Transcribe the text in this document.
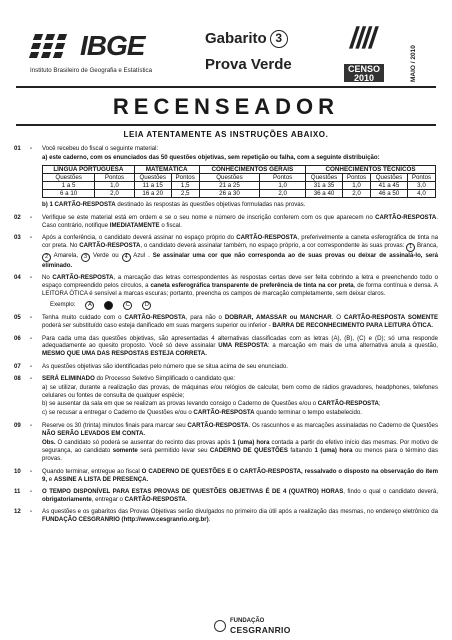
IBGE
Instituto Brasileiro de Geografia e Estatística
Gabarito 3
Prova Verde
////
CENSO
2010	MAIO / 2010
RECENSEADOR
LEIA ATENTAMENTE AS INSTRUÇÕES ABAIXO.
01	-	Você recebeu do fiscal o seguinte material:

a) este caderno, com os enunciados das 50 questões objetivas, sem repetição ou falha, com a seguinte distribuição:

LÍNGUA PORTUGUESA		MATEMÁTICA		CONHECIMENTOS GERAIS		CONHECIMENTOS TÉCNICOS			
Questões	Pontos	Questões	Pontos	Questões	Pontos	Questões	Pontos	Questões	Pontos
1 a 5	1,0	11 a 15	1,5	21 a 25	1,0	31 a 35	1,0	41 a 45	3,0
6 a 10	2,0	16 a 20	2,5	26 a 30	2,0	36 a 40	2,0	46 a 50	4,0

b) 1 CARTÃO-RESPOSTA destinado às respostas às questões objetivas formuladas nas provas.

02	-	Verifique se este material está em ordem e se o seu nome e número de inscrição conferem com os que aparecem no CARTÃO-RESPOSTA. Caso contrário, notifique IMEDIATAMENTE o fiscal.
03	-	Após a conferência, o candidato deverá assinar no espaço próprio do CARTÃO-RESPOSTA, preferivelmente a caneta esferográfica de tinta na cor preta. No CARTÃO-RESPOSTA, o candidato deverá assinalar também, no espaço próprio, a cor correspondente às suas provas: 1 Branca, 2 Amarela, 3 Verde ou 4 Azul . Se assinalar uma cor que não corresponda ao de suas provas ou deixar de assinalá-lo, será eliminado.
04	-	No CARTÃO-RESPOSTA, a marcação das letras correspondentes às respostas certas deve ser feita cobrindo a letra e preenchendo todo o espaço compreendido pelos círculos, a caneta esferográfica transparente de preferência de tinta na cor preta, de forma contínua e densa. A LEITORA ÓTICA é sensível a marcas escuras; portanto, preencha os campos de marcação completamente, sem deixar claros.
Exemplo:	A	C	D
05	-	Tenha muito cuidado com o CARTÃO-RESPOSTA, para não o DOBRAR, AMASSAR ou MANCHAR. O CARTÃO-RESPOSTA SOMENTE poderá ser substituído caso esteja danificado em suas margens superior ou inferior - BARRA DE RECONHECIMENTO PARA LEITURA ÓTICA.
06	-	Para cada uma das questões objetivas, são apresentadas 4 alternativas classificadas com as letras (A), (B), (C) e (D); só uma responde adequadamente ao quesito proposto. Você só deve assinalar UMA RESPOSTA: a marcação em mais de uma alternativa anula a questão, MESMO QUE UMA DAS RESPOSTAS ESTEJA CORRETA.
07	-	As questões objetivas são identificadas pelo número que se situa acima de seu enunciado.
08	-	SERÁ ELIMINADO do Processo Seletivo Simplificado o candidato que:

a) se utilizar, durante a realização das provas, de máquinas e/ou relógios de calcular, bem como de rádios gravadores, headphones, telefones celulares ou fontes de consulta de qualquer espécie;

b) se ausentar da sala em que se realizam as provas levando consigo o Caderno de Questões e/ou o CARTÃO-RESPOSTA;

c) se recusar a entregar o Caderno de Questões e/ou o CARTÃO-RESPOSTA quando terminar o tempo estabelecido.

09	-	Reserve os 30 (trinta) minutos finais para marcar seu CARTÃO-RESPOSTA. Os rascunhos e as marcações assinaladas no Caderno de Questões NÃO SERÃO LEVADOS EM CONTA.

Obs. O candidato só poderá se ausentar do recinto das provas após 1 (uma) hora contada a partir do efetivo início das mesmas. Por motivo de segurança, ao candidato somente será permitido levar seu CADERNO DE QUESTÕES faltando 1 (uma) hora ou menos para o término das provas.

10	-	Quando terminar, entregue ao fiscal O CADERNO DE QUESTÕES E O CARTÃO-RESPOSTA, ressalvado o disposto na observação do item 9, e ASSINE A LISTA DE PRESENÇA.
11	-	O TEMPO DISPONÍVEL PARA ESTAS PROVAS DE QUESTÕES OBJETIVAS É DE 4 (QUATRO) HORAS, findo o qual o candidato deverá, obrigatoriamente, entregar o CARTÃO-RESPOSTA.
12	-	As questões e os gabaritos das Provas Objetivas serão divulgados no primeiro dia útil após a realização das mesmas, no endereço eletrônico da FUNDAÇÃO CESGRANRIO (http://www.cesgranrio.org.br).
FUNDAÇÃO
CESGRANRIO
